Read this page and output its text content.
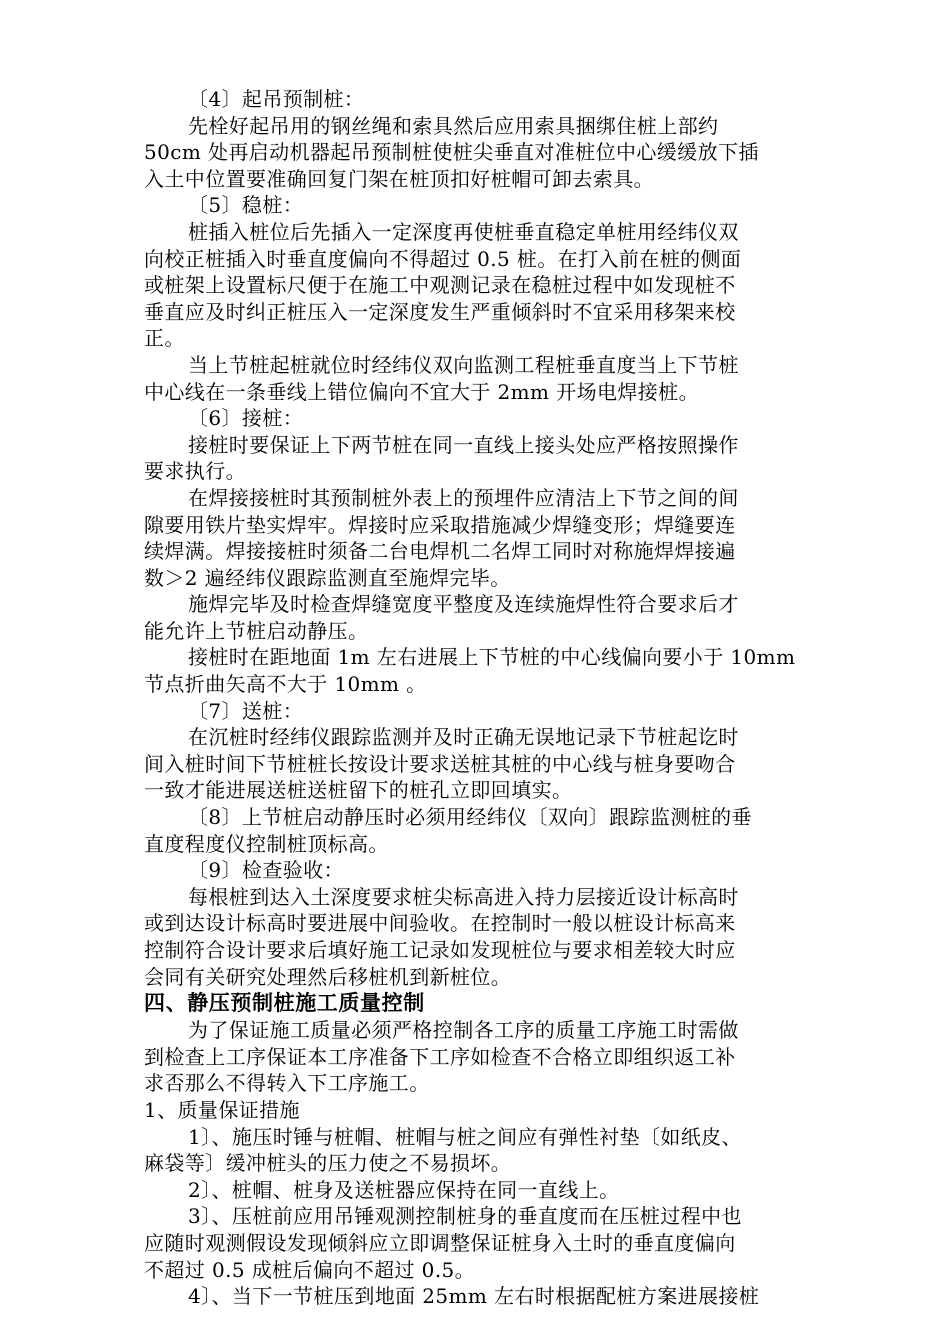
〔4〕起吊预制桩：
先栓好起吊用的钢丝绳和索具然后应用索具捆绑住桩上部约
50cm 处再启动机器起吊预制桩使桩尖垂直对准桩位中心缓缓放下插
入土中位置要准确回复门架在桩顶扣好桩帽可卸去索具。
〔5〕稳桩：
桩插入桩位后先插入一定深度再使桩垂直稳定单桩用经纬仪双
向校正桩插入时垂直度偏向不得超过 0.5 桩。在打入前在桩的侧面
或桩架上设置标尺便于在施工中观测记录在稳桩过程中如发现桩不
垂直应及时纠正桩压入一定深度发生严重倾斜时不宜采用移架来校
正。
当上节桩起桩就位时经纬仪双向监测工程桩垂直度当上下节桩
中心线在一条垂线上错位偏向不宜大于 2mm 开场电焊接桩。
〔6〕接桩：
接桩时要保证上下两节桩在同一直线上接头处应严格按照操作
要求执行。
在焊接接桩时其预制桩外表上的预埋件应清洁上下节之间的间
隙要用铁片垫实焊牢。焊接时应采取措施减少焊缝变形；焊缝要连
续焊满。焊接接桩时须备二台电焊机二名焊工同时对称施焊焊接遍
数＞2 遍经纬仪跟踪监测直至施焊完毕。
施焊完毕及时检查焊缝宽度平整度及连续施焊性符合要求后才
能允许上节桩启动静压。
接桩时在距地面 1m 左右进展上下节桩的中心线偏向要小于 10mm
节点折曲矢高不大于 10mm 。
〔7〕送桩：
在沉桩时经纬仪跟踪监测并及时正确无误地记录下节桩起讫时
间入桩时间下节桩桩长按设计要求送桩其桩的中心线与桩身要吻合
一致才能进展送桩送桩留下的桩孔立即回填实。
〔8〕上节桩启动静压时必须用经纬仪〔双向〕跟踪监测桩的垂
直度程度仪控制桩顶标高。
〔9〕检查验收：
每根桩到达入土深度要求桩尖标高进入持力层接近设计标高时
或到达设计标高时要进展中间验收。在控制时一般以桩设计标高来
控制符合设计要求后填好施工记录如发现桩位与要求相差较大时应
会同有关研究处理然后移桩机到新桩位。
四、静压预制桩施工质量控制
为了保证施工质量必须严格控制各工序的质量工序施工时需做
到检查上工序保证本工序准备下工序如检查不合格立即组织返工补
求否那么不得转入下工序施工。
1、质量保证措施
1〕、施压时锤与桩帽、桩帽与桩之间应有弹性衬垫〔如纸皮、
麻袋等〕缓冲桩头的压力使之不易损坏。
2〕、桩帽、桩身及送桩器应保持在同一直线上。
3〕、压桩前应用吊锤观测控制桩身的垂直度而在压桩过程中也
应随时观测假设发现倾斜应立即调整保证桩身入土时的垂直度偏向
不超过 0.5 成桩后偏向不超过 0.5。
4〕、当下一节桩压到地面 25mm 左右时根据配桩方案进展接桩
